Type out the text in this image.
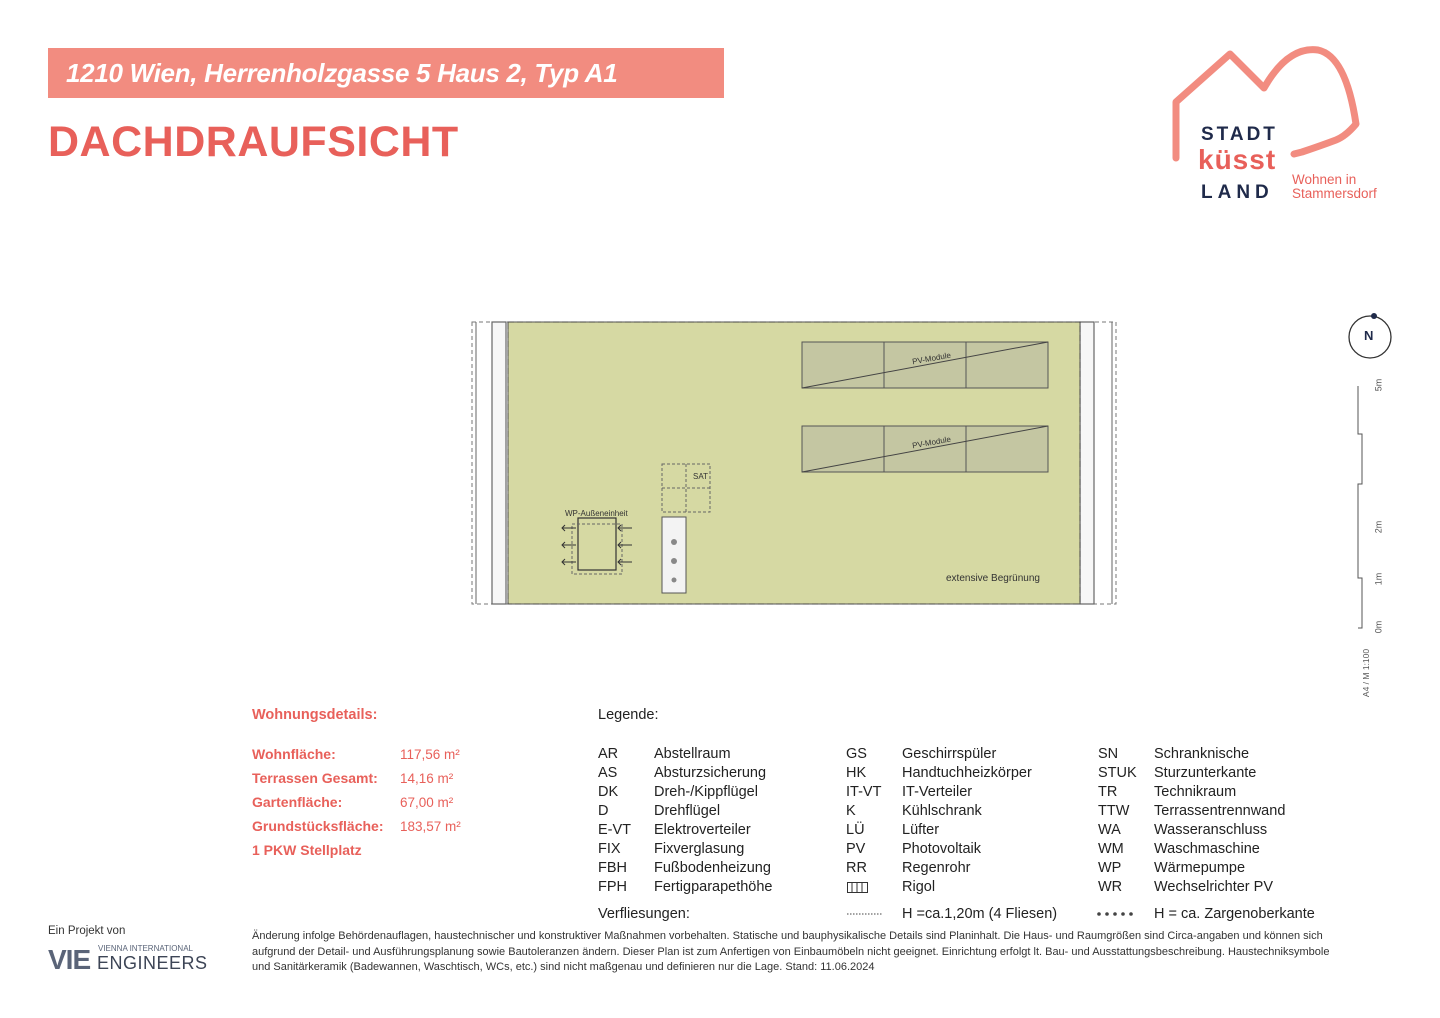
1210 Wien, Herrenholzgasse 5 Haus 2, Typ A1
DACHDRAUFSICHT	STADT
küsst
LAND
Wohnen in
Stammersdorf
PV-Module
PV-Module
SAT
WP-Außeneinheit
extensive Begrünung
N
5m
2m
1m
0m
A4 / M 1:100
Wohnungsdetails:
Wohnfläche:	117,56 m²
Terrassen Gesamt: 14,16 m²
Gartenfläche:	67,00 m²
Grundstücksfläche: 183,57 m²
1 PKW Stellplatz
Legende:
AR Abstellraum
AS	Absturzsicherung
DK Dreh-/Kippflügel
D	Drehflügel
E-VT Elektroverteiler
FIX Fixverglasung
FBH Fußbodenheizung
FPH Fertigparapethöhe
GS Geschirrspüler
HK Handtuchheizkörper
IT-VT IT-Verteiler
K	Kühlschrank
LÜ	Lüfter
PV	Photovoltaik
RR Regenrohr
Rigol
SN Schranknische
STUK Sturzunterkante
TR	Technikraum
TTW Terrassentrennwand
WA Wasseranschluss
WM Waschmaschine
WP Wärmepumpe
WR Wechselrichter PV
Verfliesungen:	H =ca.1,20m (4 Fliesen)	H = ca. Zargenoberkante
Änderung infolge Behördenauflagen, haustechnischer und konstruktiver Maßnahmen vorbehalten. Statische und bauphysikalische Details sind Planinhalt. Die Haus- und Raumgrößen sind Circa-angaben und können sich aufgrund der Detail- und Ausführungsplanung sowie Bautoleranzen ändern. Dieser Plan ist zum Anfertigen von Einbaumöbeln nicht geeignet. Einrichtung erfolgt lt. Bau- und Ausstattungsbeschreibung. Haustechniksymbole und Sanitärkeramik (Badewannen, Waschtisch, WCs, etc.) sind nicht maßgenau und definieren nur die Lage. Stand: 11.06.2024
Ein Projekt von
VIE VIENNA INTERNATIONAL
ENGINEERS
